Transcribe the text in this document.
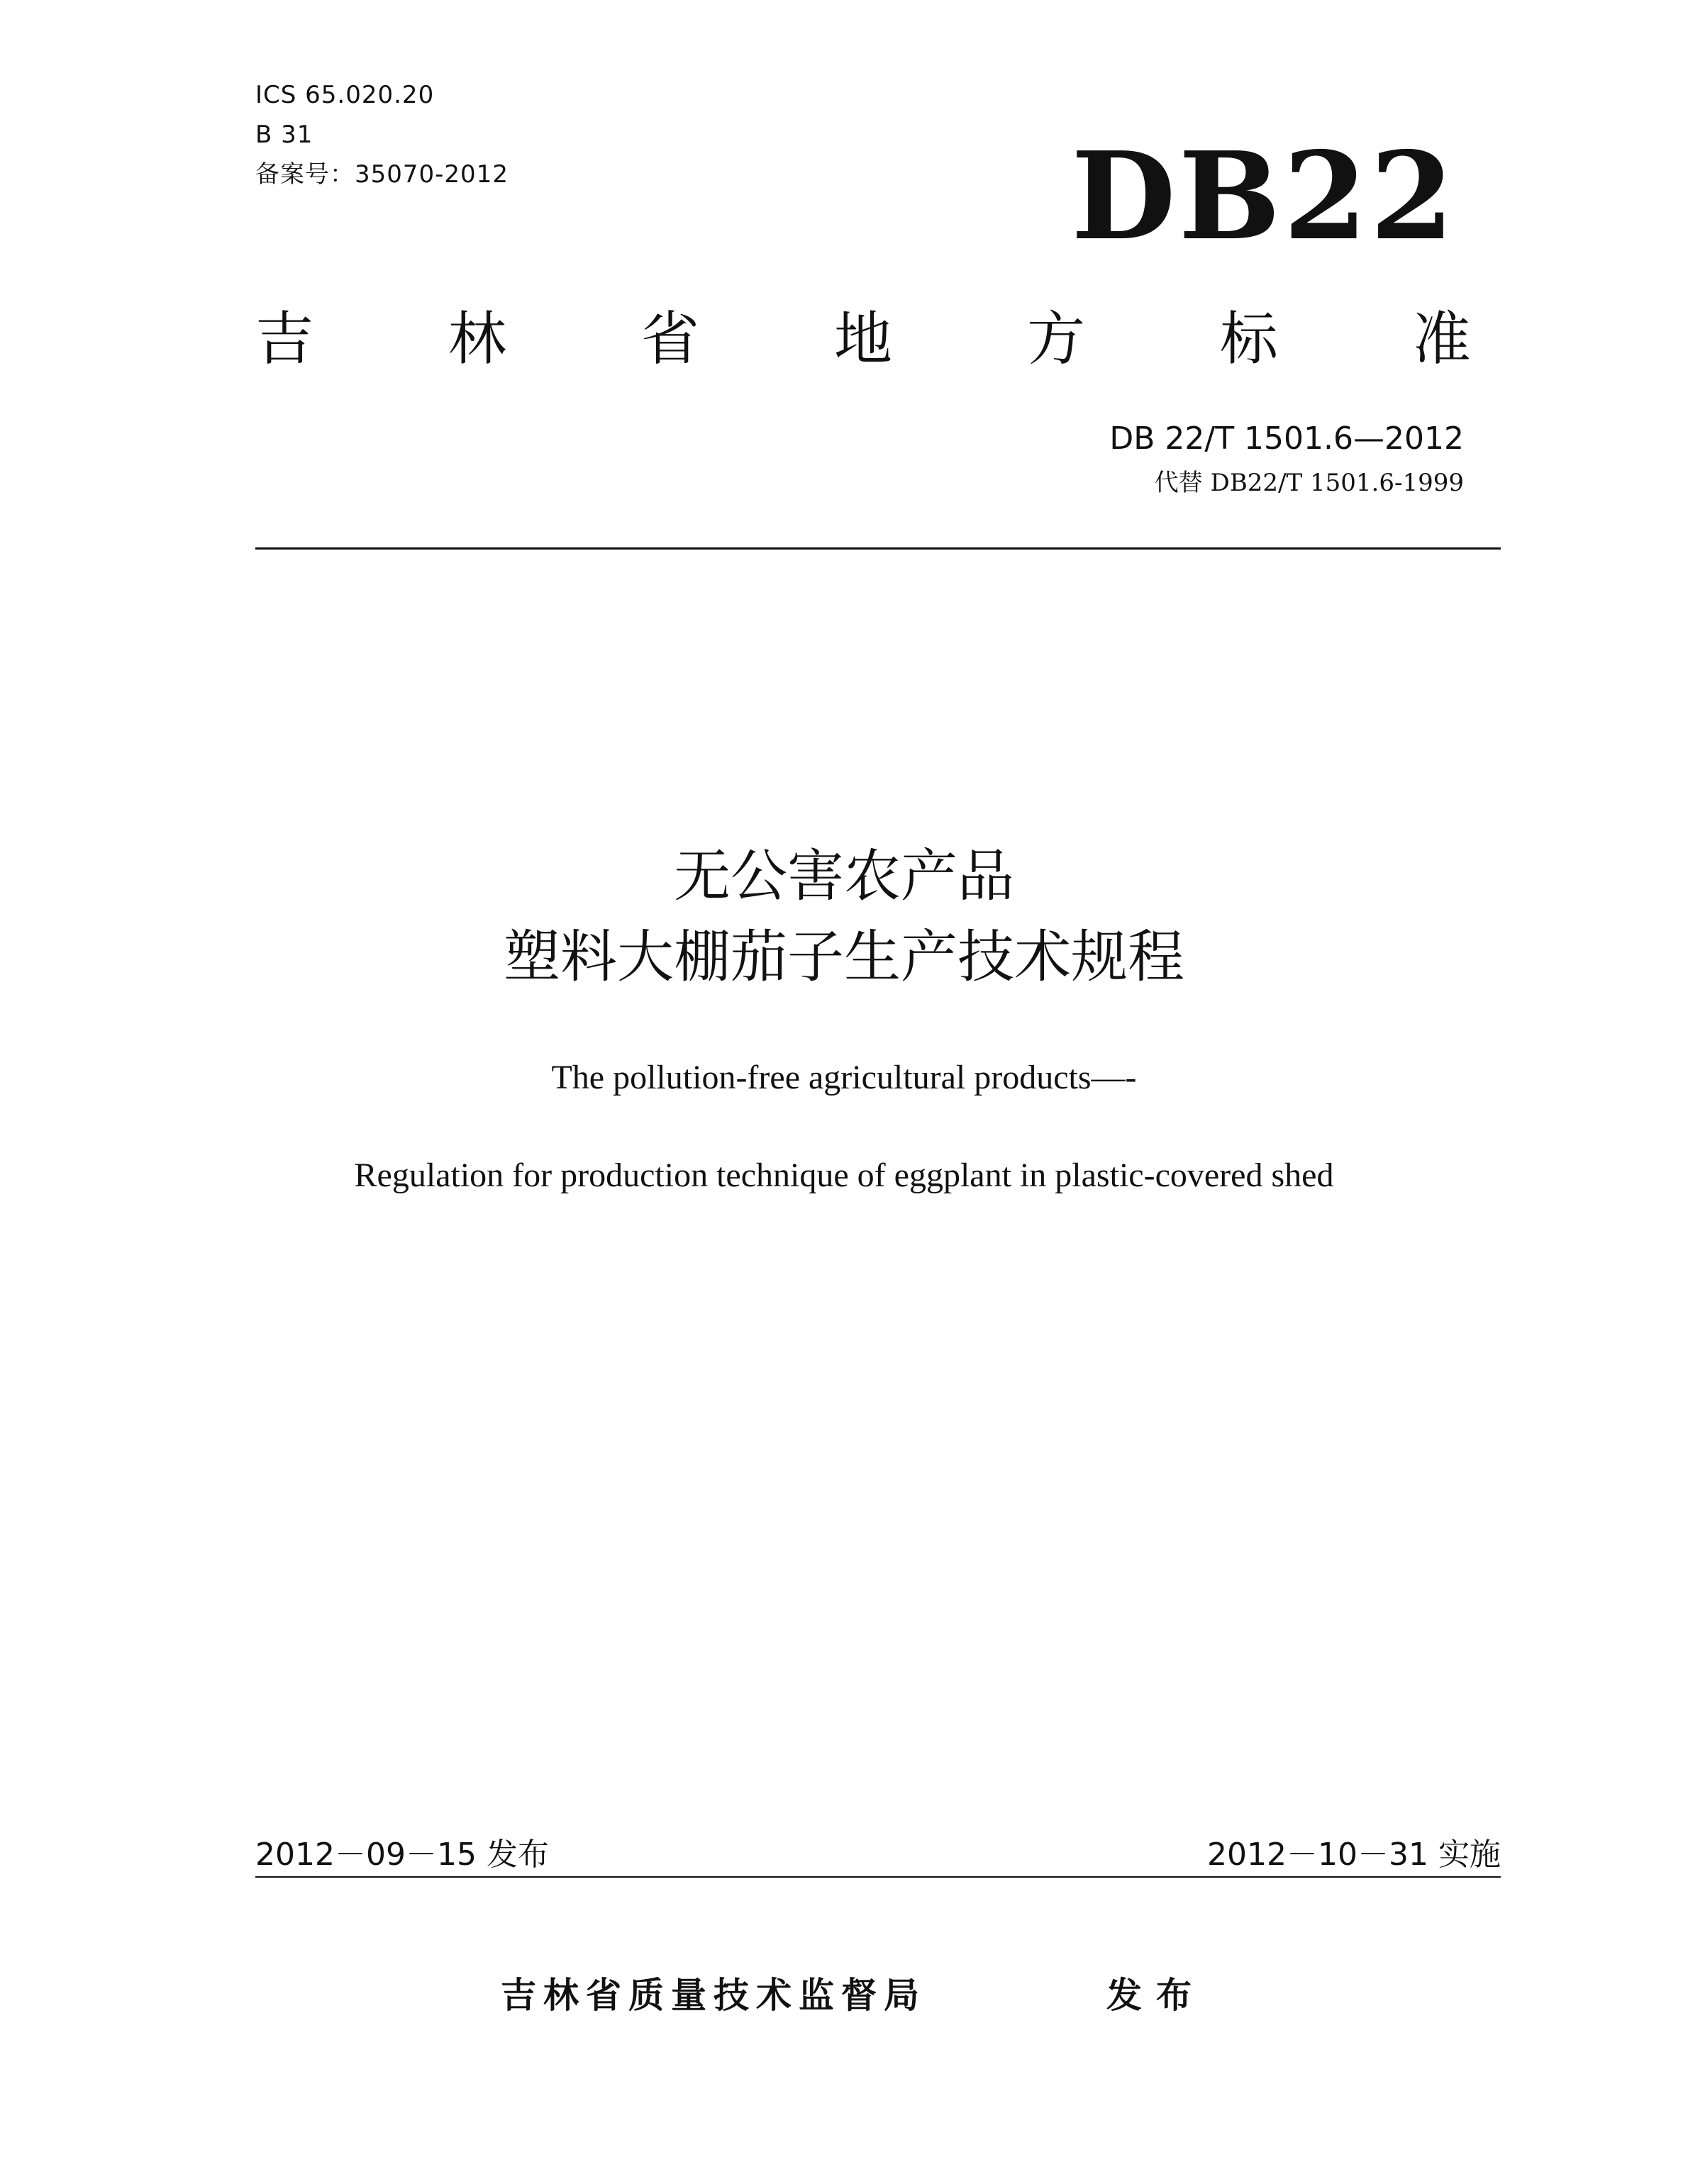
ICS 65.020.20
B 31
备案号：35070-2012	DB22
吉 林 省 地 方 标 准
DB 22/T 1501.6—2012
代替 DB22/T 1501.6-1999
无公害农产品
塑料大棚茄子生产技术规程
The pollution-free agricultural products—-
Regulation for production technique of eggplant in plastic-covered shed
2012－09－15 发布	2012－10－31 实施
吉林省质量技术监督局	发布
